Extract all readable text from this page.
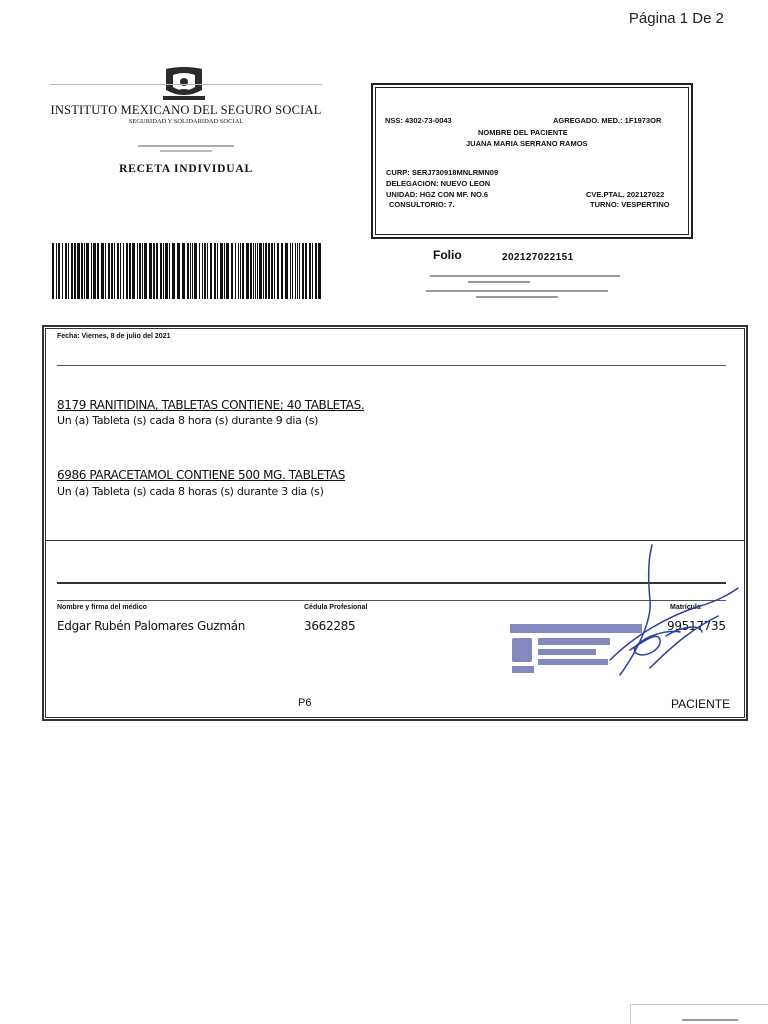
Página 1 De 2
INSTITUTO MEXICANO DEL SEGURO SOCIAL
SEGURIDAD Y SOLIDARIDAD SOCIAL
RECETA INDIVIDUAL
NSS: 4302-73-0043	AGREGADO. MED.: 1F1973OR
NOMBRE DEL PACIENTE
JUANA MARIA SERRANO RAMOS
CURP: SERJ730918MNLRMN09
DELEGACION: NUEVO LEON
UNIDAD: HGZ CON MF. NO.6	CVE.PTAL. 202127022
CONSULTORIO: 7.	TURNO: VESPERTINO
Folio	202127022151
Fecha: Viernes, 8 de julio del 2021
8179 RANITIDINA, TABLETAS CONTIENE; 40 TABLETAS.
Un (a) Tableta (s) cada 8 hora (s) durante 9 dia (s)
6986 PARACETAMOL CONTIENE 500 MG. TABLETAS
Un (a) Tableta (s) cada 8 horas (s) durante 3 dia (s)
Nombre y firma del médico	Cédula Profesional	Matrícula
Edgar Rubén Palomares Guzmán	3662285	99517735
P6	PACIENTE
